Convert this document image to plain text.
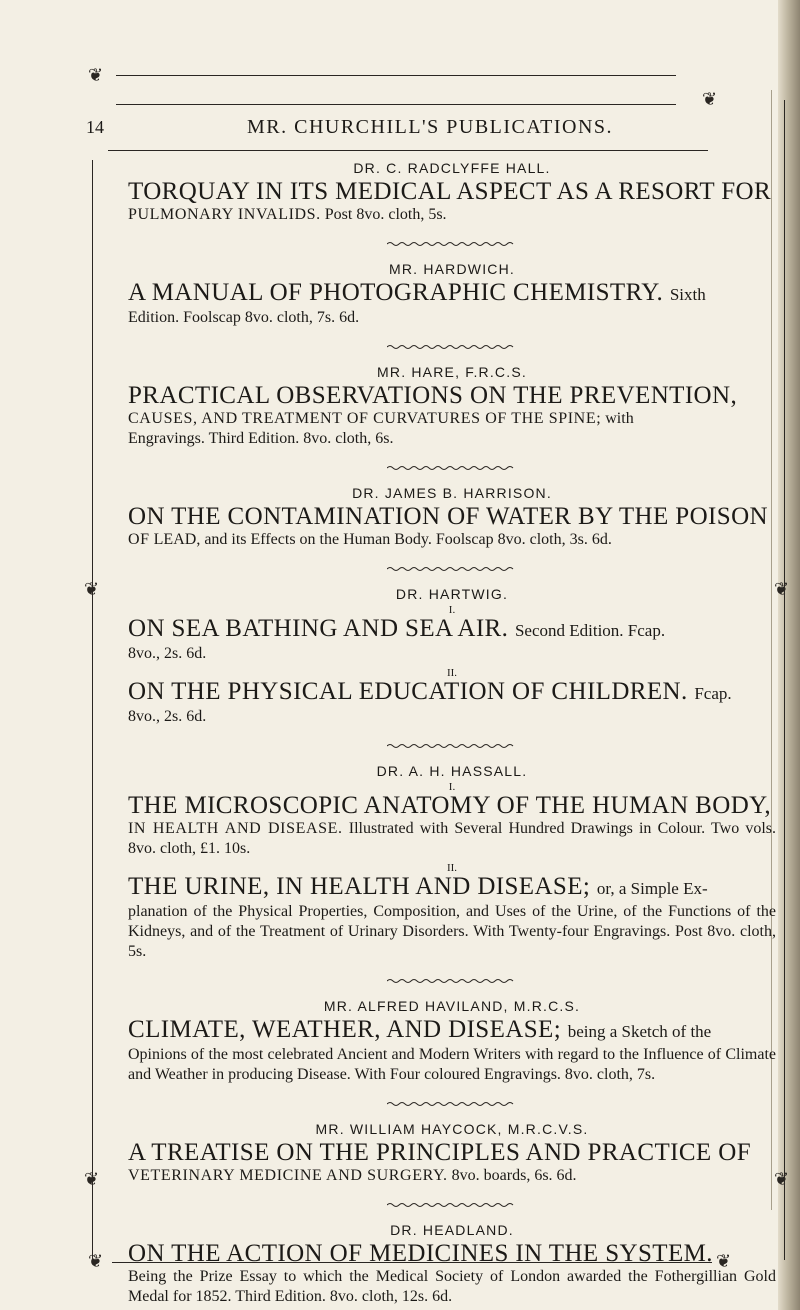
❦
❦
14	MR. CHURCHILL'S PUBLICATIONS.
❦	❦
❦	❦
DR. C. RADCLYFFE HALL.
TORQUAY IN ITS MEDICAL ASPECT AS A RESORT FOR
PULMONARY INVALIDS. Post 8vo. cloth, 5s.
MR. HARDWICH.
A MANUAL OF PHOTOGRAPHIC CHEMISTRY. Sixth
Edition. Foolscap 8vo. cloth, 7s. 6d.
MR. HARE, F.R.C.S.
PRACTICAL OBSERVATIONS ON THE PREVENTION,
CAUSES, AND TREATMENT OF CURVATURES OF THE SPINE; with
Engravings. Third Edition. 8vo. cloth, 6s.
DR. JAMES B. HARRISON.
ON THE CONTAMINATION OF WATER BY THE POISON
OF LEAD, and its Effects on the Human Body. Foolscap 8vo. cloth, 3s. 6d.
DR. HARTWIG.
I.
ON SEA BATHING AND SEA AIR. Second Edition. Fcap.
8vo., 2s. 6d.
II.
ON THE PHYSICAL EDUCATION OF CHILDREN. Fcap.
8vo., 2s. 6d.
DR. A. H. HASSALL.
I.
THE MICROSCOPIC ANATOMY OF THE HUMAN BODY,
IN HEALTH AND DISEASE. Illustrated with Several Hundred Drawings in Colour. Two vols. 8vo. cloth, £1. 10s.
II.
THE URINE, IN HEALTH AND DISEASE; or, a Simple Ex-
planation of the Physical Properties, Composition, and Uses of the Urine, of the Functions of the Kidneys, and of the Treatment of Urinary Disorders. With Twenty-four Engravings. Post 8vo. cloth, 5s.
MR. ALFRED HAVILAND, M.R.C.S.
CLIMATE, WEATHER, AND DISEASE; being a Sketch of the
Opinions of the most celebrated Ancient and Modern Writers with regard to the Influence of Climate and Weather in producing Disease. With Four coloured Engravings. 8vo. cloth, 7s.
MR. WILLIAM HAYCOCK, M.R.C.V.S.
A TREATISE ON THE PRINCIPLES AND PRACTICE OF
VETERINARY MEDICINE AND SURGERY. 8vo. boards, 6s. 6d.
DR. HEADLAND.
ON THE ACTION OF MEDICINES IN THE SYSTEM.
Being the Prize Essay to which the Medical Society of London awarded the Fothergillian Gold Medal for 1852. Third Edition. 8vo. cloth, 12s. 6d.
❦	❦
